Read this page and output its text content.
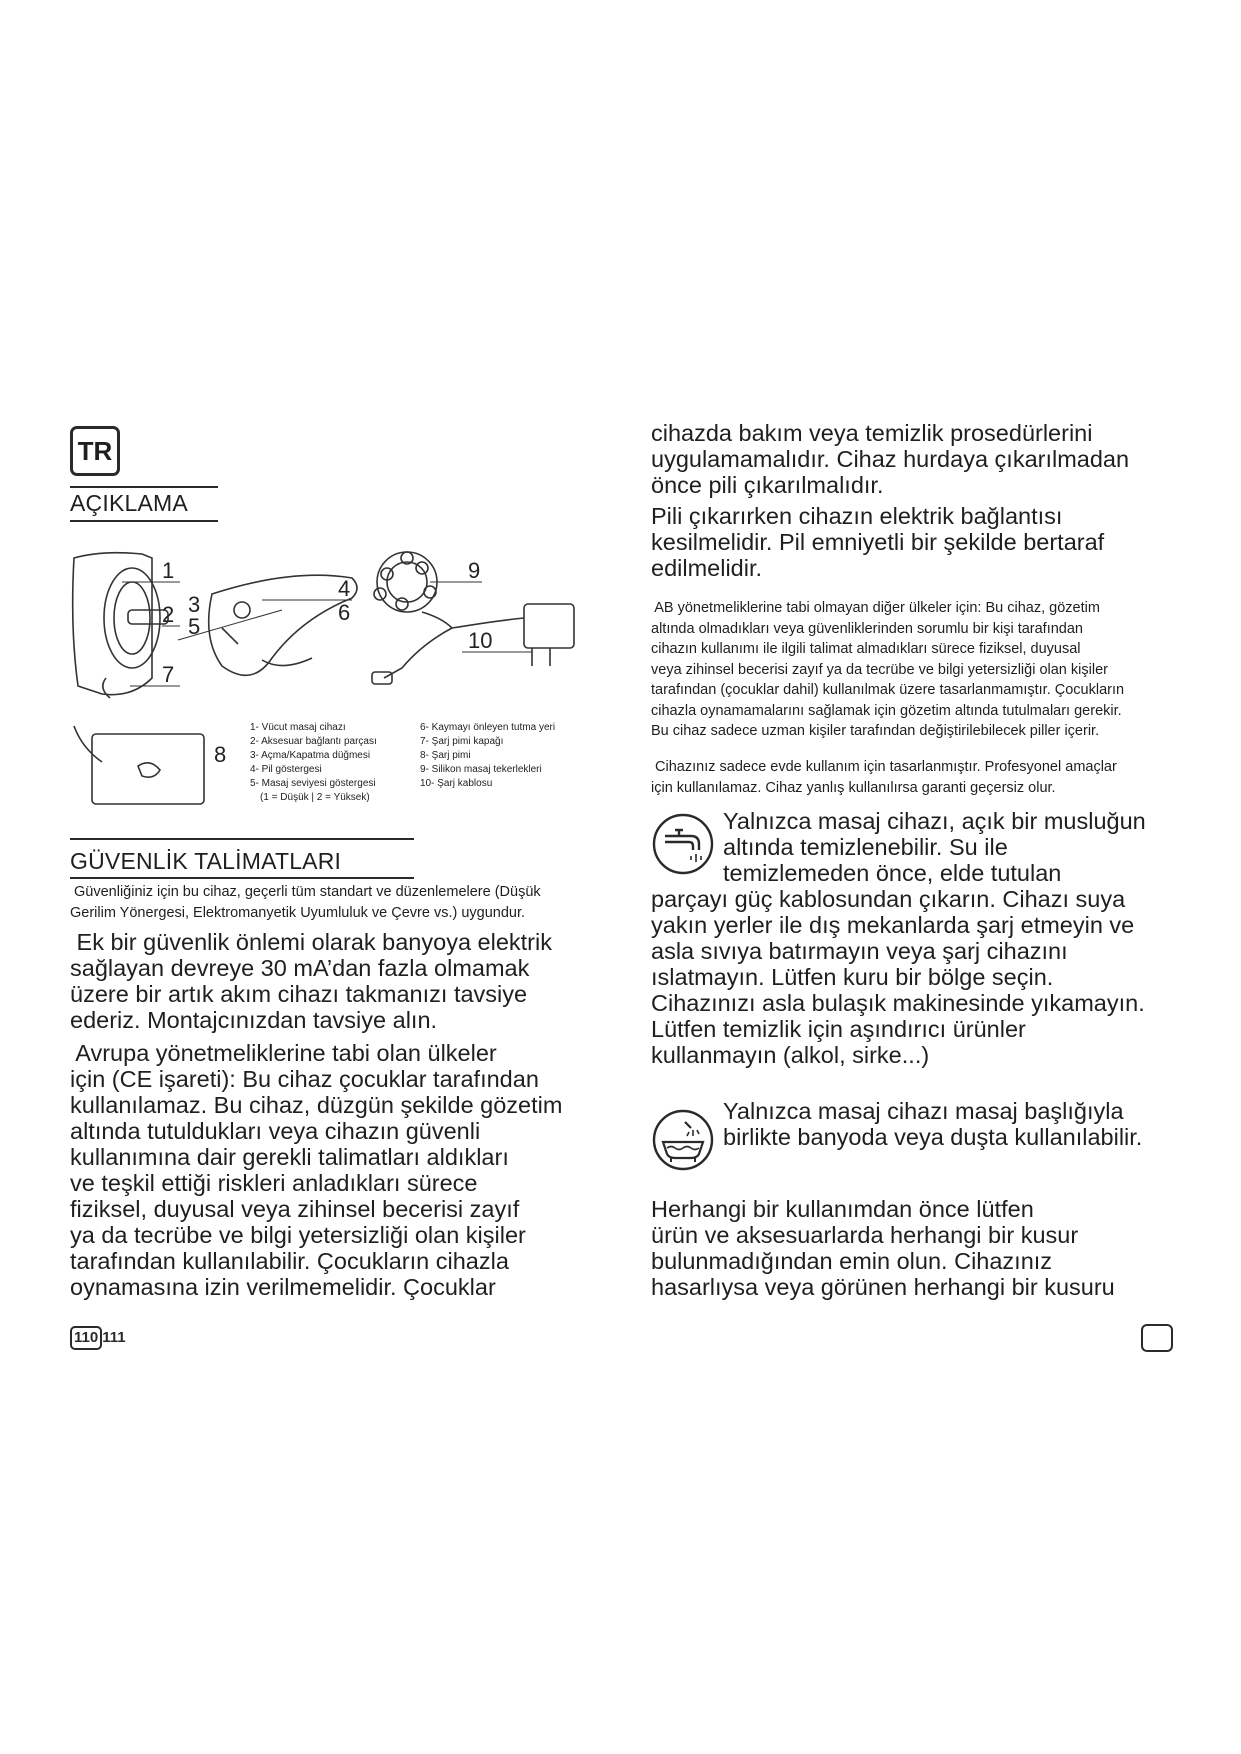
TR
AÇIKLAMA
1
2 3
5
4
6
7
8
9
10
1- Vücut masaj cihazı
2- Aksesuar bağlantı parçası
3- Açma/Kapatma düğmesi
4- Pil göstergesi
5- Masaj seviyesi göstergesi
(1 = Düşük | 2 = Yüksek)
6- Kaymayı önleyen tutma yeri
7- Şarj pimi kapağı
8- Şarj pimi
9- Silikon masaj tekerlekleri
10- Şarj kablosu
GÜVENLİK TALİMATLARI
Güvenliğiniz için bu cihaz, geçerli tüm standart ve düzenlemelere (Düşük
Gerilim Yönergesi, Elektromanyetik Uyumluluk ve Çevre vs.) uygundur.
Ek bir güvenlik önlemi olarak banyoya elektrik
sağlayan devreye 30 mA’dan fazla olmamak
üzere bir artık akım cihazı takmanızı tavsiye
ederiz. Montajcınızdan tavsiye alın.
Avrupa yönetmeliklerine tabi olan ülkeler
için (CE işareti): Bu cihaz çocuklar tarafından
kullanılamaz. Bu cihaz, düzgün şekilde gözetim
altında tutuldukları veya cihazın güvenli
kullanımına dair gerekli talimatları aldıkları
ve teşkil ettiği riskleri anladıkları sürece
fiziksel, duyusal veya zihinsel becerisi zayıf
ya da tecrübe ve bilgi yetersizliği olan kişiler
tarafından kullanılabilir. Çocukların cihazla
oynamasına izin verilmemelidir. Çocuklar
cihazda bakım veya temizlik prosedürlerini
uygulamamalıdır. Cihaz hurdaya çıkarılmadan
önce pili çıkarılmalıdır.
Pili çıkarırken cihazın elektrik bağlantısı
kesilmelidir. Pil emniyetli bir şekilde bertaraf
edilmelidir.
AB yönetmeliklerine tabi olmayan diğer ülkeler için: Bu cihaz, gözetim
altında olmadıkları veya güvenliklerinden sorumlu bir kişi tarafından
cihazın kullanımı ile ilgili talimat almadıkları sürece fiziksel, duyusal
veya zihinsel becerisi zayıf ya da tecrübe ve bilgi yetersizliği olan kişiler
tarafından (çocuklar dahil) kullanılmak üzere tasarlanmamıştır. Çocukların
cihazla oynamamalarını sağlamak için gözetim altında tutulmaları gerekir.
Bu cihaz sadece uzman kişiler tarafından değiştirilebilecek piller içerir.
Cihazınız sadece evde kullanım için tasarlanmıştır. Profesyonel amaçlar
için kullanılamaz. Cihaz yanlış kullanılırsa garanti geçersiz olur.
Yalnızca masaj cihazı, açık bir musluğun
altında temizlenebilir. Su ile
temizlemeden önce, elde tutulan
parçayı güç kablosundan çıkarın. Cihazı suya
yakın yerler ile dış mekanlarda şarj etmeyin ve
asla sıvıya batırmayın veya şarj cihazını
ıslatmayın. Lütfen kuru bir bölge seçin.
Cihazınızı asla bulaşık makinesinde yıkamayın.
Lütfen temizlik için aşındırıcı ürünler
kullanmayın (alkol, sirke...)
Yalnızca masaj cihazı masaj başlığıyla
birlikte banyoda veya duşta kullanılabilir.
Herhangi bir kullanımdan önce lütfen
ürün ve aksesuarlarda herhangi bir kusur
bulunmadığından emin olun. Cihazınız
hasarlıysa veya görünen herhangi bir kusuru
110 111
